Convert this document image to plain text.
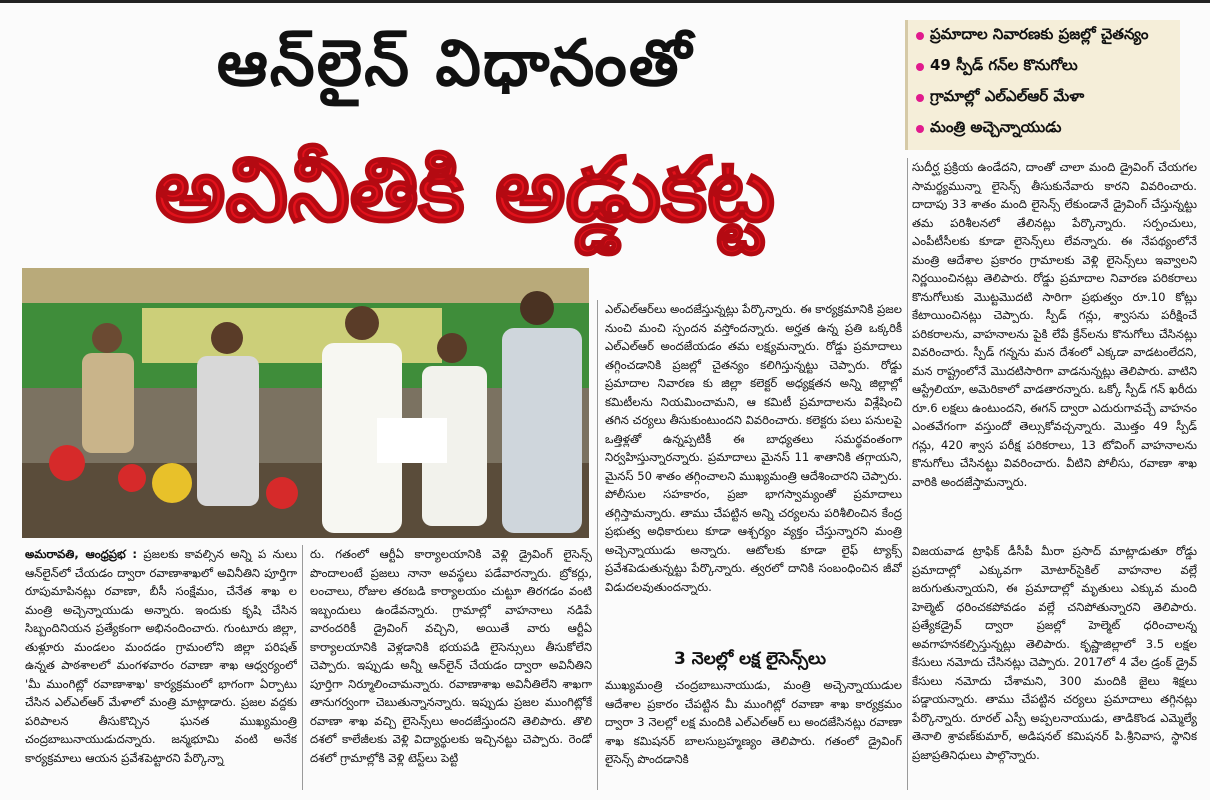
ఆన్‌లైన్ విధానంతో
అవినీతికి అడ్డుకట్ట
ప్రమాదాల నివారణకు ప్రజల్లో చైతన్యం
49 స్పీడ్ గన్‌ల కొనుగోలు
గ్రామాల్లో ఎల్‌ఎల్‌ఆర్ మేళా
మంత్రి అచ్చెన్నాయుడు

అమరావతి, ఆంధ్రప్రభ : ప్రజలకు కావల్సిన అన్ని ప నులు ఆన్‌లైన్‌లో చేయడం ద్వారా రవాణాశాఖలో అవినీతిని పూర్తిగా రూపుమాపినట్లు రవాణా, బీసీ సంక్షేమం, చేనేత శాఖ ల మంత్రి అచ్చెన్నాయుడు అన్నారు. ఇందుకు కృషి చేసిన సిబ్బందినియన ప్రత్యేకంగా అభినందించారు. గుంటూరు జిల్లా, తుళ్లూరు మండలం మందడం గ్రామంలోని జిల్లా పరిషత్ ఉన్నత పాఠశాలలో మంగళవారం రవాణా శాఖ ఆధ్వర్యంలో 'మీ ముంగిట్లో రవాణాశాఖ' కార్యక్రమంలో భాగంగా ఏర్పాటు చేసిన ఎల్‌ఎల్‌ఆర్ మేళాలో మంత్రి మాట్లాడారు. ప్రజల వద్దకు పరిపాలన తీసుకొచ్చిన ఘనత ముఖ్యమంత్రి చంద్రబాబునాయుడుదన్నారు. జన్మభూమి వంటి అనేక కార్యక్రమాలు ఆయన ప్రవేశపెట్టారని పేర్కొన్నా

రు. గతంలో ఆర్టీఏ కార్యాలయానికి వెళ్లి డ్రైవింగ్ లైసెన్స్ పొందాలంటే ప్రజలు నానా అవస్థలు పడేవారన్నారు. బ్రోకర్లు, లంచాలు, రోజుల తరబడి కార్యాలయం చుట్టూ తిరగడం వంటి ఇబ్బందులు ఉండేవన్నారు. గ్రామాల్లో వాహనాలు నడిపే వారందరికీ డ్రైవింగ్ వచ్చిని, అయితే వారు ఆర్టీఏ కార్యాలయానికి వెళ్లడానికి భయపడి లైసెన్సులు తీసుకోలేని చెప్పారు. ఇప్పుడు అన్నీ ఆన్‌లైన్ చేయడం ద్వారా అవినీతిని పూర్తిగా నిర్మూలించామన్నారు. రవాణాశాఖ అవినీతిలేని శాఖగా తానుగర్వంగా చెబుతున్నానన్నారు. ఇప్పుడు ప్రజల ముంగిట్లోకే రవాణా శాఖ వచ్చి లైసెన్స్‌లు అందజేస్తుందని తెలిపారు. తొలి దశలో కాలేజీలకు వెళ్లి విద్యార్థులకు ఇచ్చినట్టు చెప్పారు. రెండో దశలో గ్రామాల్లోకి వెళ్లి టెస్ట్‌లు పెట్టి

ఎల్‌ఎల్‌ఆర్‌లు అందజేస్తున్నట్లు పేర్కొన్నారు. ఈ కార్యక్రమానికి ప్రజల నుంచి మంచి స్పందన వస్తోందన్నారు. అర్హత ఉన్న ప్రతి ఒక్కరికీ ఎల్‌ఎల్‌ఆర్ అందజేయడం తమ లక్ష్యమన్నారు. రోడ్డు ప్రమాదాలు తగ్గించడానికి ప్రజల్లో చైతన్యం కలిగిస్తున్నట్టు చెప్పారు. రోడ్డు ప్రమాదాల నివారణ కు జిల్లా కలెక్టర్ అధ్యక్షతన అన్ని జిల్లాల్లో కమిటీలను నియమించామని, ఆ కమిటీ ప్రమాదాలను విశ్లేషించి తగిన చర్యలు తీసుకుంటుందని వివరించారు. కలెక్టరు పలు పనులపై ఒత్తిళ్లతో ఉన్నప్పటికీ ఈ బాధ్యతలు సమర్థవంతంగా నిర్వహిస్తున్నారన్నారు. ప్రమాదాలు మైనస్ 11 శాతానికి తగ్గాయని, మైనస్ 50 శాతం తగ్గించాలని ముఖ్యమంత్రి ఆదేశించారని చెప్పారు. పోలీసుల సహకారం, ప్రజా భాగస్వామ్యంతో ప్రమాదాలు తగ్గిస్తామన్నారు. తాము చేపట్టిన అన్ని చర్యలను పరిశీలించిన కేంద్ర ప్రభుత్వ అధికారులు కూడా ఆశ్చర్యం వ్యక్తం చేస్తున్నారని మంత్రి అచ్చెన్నాయుడు అన్నారు. ఆటోలకు కూడా లైఫ్ ట్యాక్స్ ప్రవేశపెడుతున్నట్టు పేర్కొన్నారు. త్వరలో దానికి సంబంధించిన జీవో విడుదలవుతుందన్నారు.

3 నెలల్లో లక్ష లైసెన్స్‌లు

ముఖ్యమంత్రి చంద్రబాబునాయుడు, మంత్రి అచ్చెన్నాయుడుల ఆదేశాల ప్రకారం చేపట్టిన మీ ముంగిట్లో రవాణా శాఖ కార్యక్రమం ద్వారా 3 నెలల్లో లక్ష మందికి ఎల్‌ఎల్‌ఆర్ లు అందజేసినట్లు రవాణా శాఖ కమిషనర్ బాలసుబ్రహ్మణ్యం తెలిపారు. గతంలో డ్రైవింగ్ లైసెన్స్ పొందడానికి

సుదీర్ఘ ప్రక్రియ ఉండేదని, దాంతో చాలా మంది డ్రైవింగ్ చేయగల సామర్థ్యమున్నా లైసెన్స్ తీసుకునేవారు కారని వివరించారు. దాదాపు 33 శాతం మంది లైసెన్స్ లేకుండానే డ్రైవింగ్ చేస్తున్నట్టు తమ పరిశీలనలో తేలినట్లు పేర్కొన్నారు. సర్పంచులు, ఎంపీటీసీలకు కూడా లైసెన్స్‌లు లేవన్నారు. ఈ నేపథ్యంలోనే మంత్రి ఆదేశాల ప్రకారం గ్రామాలకు వెళ్లి లైసెన్స్‌లు ఇవ్వాలని నిర్ణయించినట్లు తెలిపారు. రోడ్డు ప్రమాదాల నివారణ పరికరాలు కొనుగోలుకు మొట్టమొదటి సారిగా ప్రభుత్వం రూ.10 కోట్లు కేటాయించినట్లు చెప్పారు. స్పీడ్ గన్లు, శ్వాసను పరీక్షించే పరికరాలను, వాహనాలను పైకి లేపే క్రేన్‌లను కొనుగోలు చేసినట్లు వివరించారు. స్పీడ్ గన్నను మన దేశంలో ఎక్కడా వాడటంలేదని, మన రాష్ట్రంలోనే మొదటిసారిగా వాడనున్నట్లు తెలిపారు. వాటిని ఆస్ట్రేలియా, అమెరికాలో వాడతారన్నారు. ఒక్కో స్పీడ్ గన్ ఖరీదు రూ.6 లక్షలు ఉంటుందని, ఈగన్ ద్వారా ఎదురుగావచ్చే వాహనం ఎంతవేగంగా వస్తుందో తెల్సుకోవచ్చన్నారు. మొత్తం 49 స్పీడ్ గన్లు, 420 శ్వాస పరీక్ష పరికరాలు, 13 టోవింగ్ వాహనాలను కొనుగోలు చేసినట్టు వివరించారు. వీటిని పోలీసు, రవాణా శాఖ వారికి అందజేస్తామన్నారు.

విజయవాడ ట్రాఫిక్ డీసీపీ మీరా ప్రసాద్ మాట్లాడుతూ రోడ్డు ప్రమాదాల్లో ఎక్కువగా మోటార్‌సైకిల్ వాహనాల వల్లే జరుగుతున్నాయని, ఈ ప్రమాదాల్లో మృతులు ఎక్కువ మంది హెల్మెట్ ధరించకపోవడం వల్లే చనిపోతున్నారని తెలిపారు. ప్రత్యేకడ్రైవ్ ద్వారా ప్రజల్లో హెల్మెట్ ధరించాలన్న అవగాహనకల్పిస్తున్నట్లు తెలిపారు. కృష్ణాజిల్లాలో 3.5 లక్షల కేసులు నమోదు చేసినట్లు చెప్పారు. 2017లో 4 వేల డ్రంక్ డ్రైవ్ కేసులు నమోదు చేశామని, 300 మందికి జైలు శిక్షలు పడ్డాయన్నారు. తాము చేపట్టిన చర్యలు ప్రమాదాలు తగ్గినట్లు పేర్కొన్నారు. రూరల్ ఎస్పీ అప్పలనాయుడు, తాడికొండ ఎమ్మెల్యే తెనాలి శ్రావణ్‌కుమార్, అడిషనల్ కమిషనర్ పి.శ్రీనివాస, స్థానిక ప్రజాప్రతినిధులు పాల్గొన్నారు.
